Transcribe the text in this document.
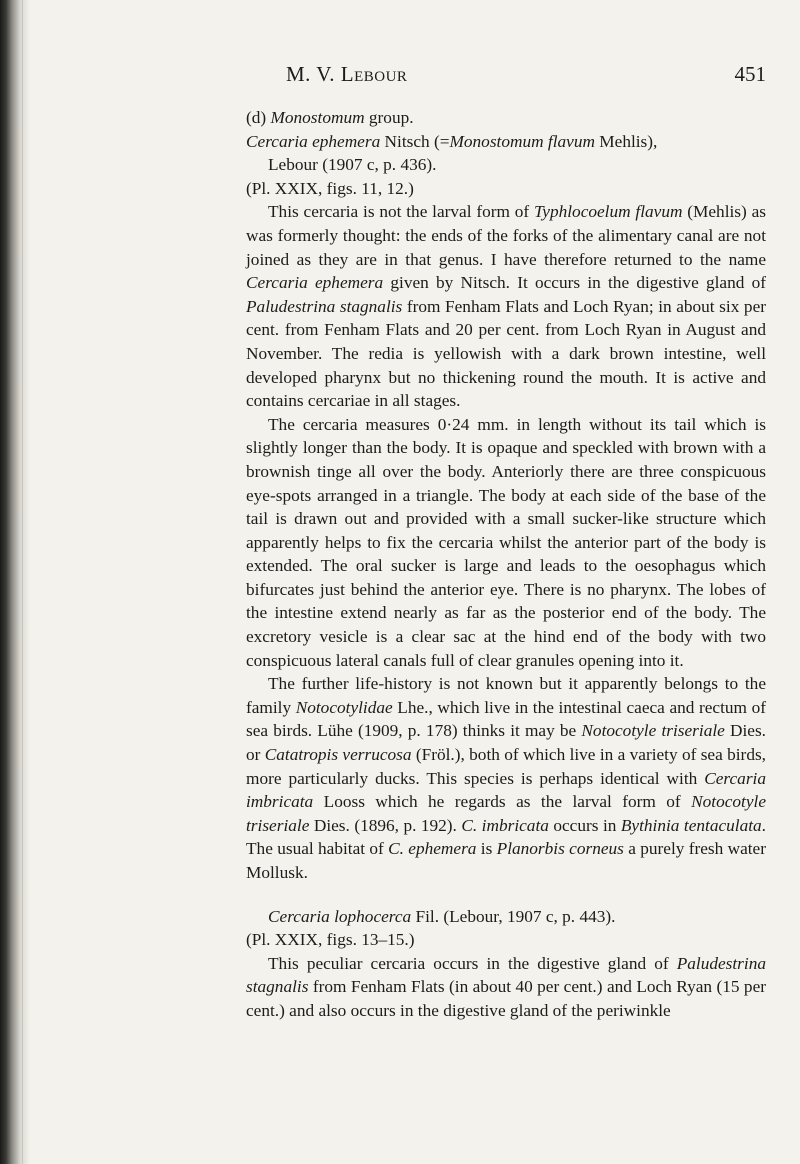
M. V. Lebour	451

(d) Monostomum group.

Cercaria ephemera Nitsch (=Monostomum flavum Mehlis),
Lebour (1907 c, p. 436).

(Pl. XXIX, figs. 11, 12.)

This cercaria is not the larval form of Typhlocoelum flavum (Mehlis) as was formerly thought: the ends of the forks of the alimentary canal are not joined as they are in that genus. I have therefore returned to the name Cercaria ephemera given by Nitsch. It occurs in the digestive gland of Paludestrina stagnalis from Fenham Flats and Loch Ryan; in about six per cent. from Fenham Flats and 20 per cent. from Loch Ryan in August and November. The redia is yellowish with a dark brown intestine, well developed pharynx but no thickening round the mouth. It is active and contains cercariae in all stages.

The cercaria measures 0·24 mm. in length without its tail which is slightly longer than the body. It is opaque and speckled with brown with a brownish tinge all over the body. Anteriorly there are three conspicuous eye-spots arranged in a triangle. The body at each side of the base of the tail is drawn out and provided with a small sucker-like structure which apparently helps to fix the cercaria whilst the anterior part of the body is extended. The oral sucker is large and leads to the oesophagus which bifurcates just behind the anterior eye. There is no pharynx. The lobes of the intestine extend nearly as far as the posterior end of the body. The excretory vesicle is a clear sac at the hind end of the body with two conspicuous lateral canals full of clear granules opening into it.

The further life-history is not known but it apparently belongs to the family Notocotylidae Lhe., which live in the intestinal caeca and rectum of sea birds. Lühe (1909, p. 178) thinks it may be Notocotyle triseriale Dies. or Catatropis verrucosa (Fröl.), both of which live in a variety of sea birds, more particularly ducks. This species is perhaps identical with Cercaria imbricata Looss which he regards as the larval form of Notocotyle triseriale Dies. (1896, p. 192). C. imbricata occurs in Bythinia tentaculata. The usual habitat of C. ephemera is Planorbis corneus a purely fresh water Mollusk.

Cercaria lophocerca Fil. (Lebour, 1907 c, p. 443).

(Pl. XXIX, figs. 13–15.)

This peculiar cercaria occurs in the digestive gland of Paludestrina stagnalis from Fenham Flats (in about 40 per cent.) and Loch Ryan (15 per cent.) and also occurs in the digestive gland of the periwinkle
